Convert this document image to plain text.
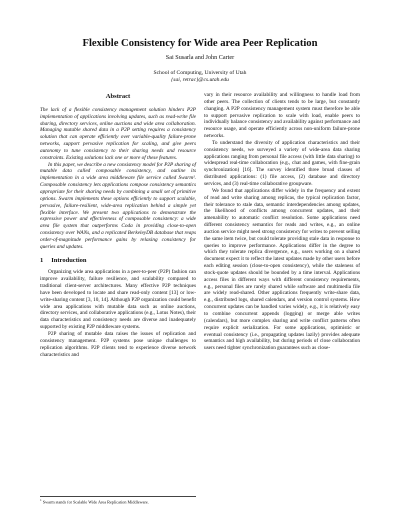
Flexible Consistency for Wide area Peer Replication
Sai Susarla and John Carter
School of Computing, University of Utah
{sai, retrac}@cs.utah.edu
Abstract

The lack of a flexible consistency management solution hinders P2P implementation of applications involving updates, such as read-write file sharing, directory services, online auctions and wide area collaboration. Managing mutable shared data in a P2P setting requires a consistency solution that can operate efficiently over variable-quality failure-prone networks, support pervasive replication for scaling, and give peers autonomy to tune consistency to their sharing needs and resource constraints. Existing solutions lack one or more of these features.

In this paper, we describe a new consistency model for P2P sharing of mutable data called composable consistency, and outline its implementation in a wide area middleware file service called Swarm¹. Composable consistency lets applications compose consistency semantics appropriate for their sharing needs by combining a small set of primitive options. Swarm implements these options efficiently to support scalable, pervasive, failure-resilient, wide-area replication behind a simple yet flexible interface. We present two applications to demonstrate the expressive power and effectiveness of composable consistency: a wide area file system that outperforms Coda in providing close-to-open consistency over WANs, and a replicated BerkeleyDB database that reaps order-of-magnitude performance gains by relaxing consistency for queries and updates.

1 Introduction

Organizing wide area applications in a peer-to-peer (P2P) fashion can improve availability, failure resilience, and scalability compared to traditional client-server architectures. Many effective P2P techniques have been developed to locate and share read-only content [13] or low-write-sharing content [3, 10, 14]. Although P2P organization could benefit wide area applications with mutable data such as online auctions, directory services, and collaborative applications (e.g., Lotus Notes), their data characteristics and consistency needs are diverse and inadequately supported by existing P2P middleware systems.

P2P sharing of mutable data raises the issues of replication and consistency management. P2P systems pose unique challenges to replication algorithms. P2P clients tend to experience diverse network characteristics and

vary in their resource availability and willingness to handle load from other peers. The collection of clients tends to be large, but constantly changing. A P2P consistency management system must therefore be able to support pervasive replication to scale with load, enable peers to individually balance consistency and availability against performance and resource usage, and operate efficiently across non-uniform failure-prone networks.

To understand the diversity of application characteristics and their consistency needs, we surveyed a variety of wide-area data sharing applications ranging from personal file access (with little data sharing) to widespread real-time collaboration (e.g., chat and games, with fine-grain synchronization) [16]. The survey identified three broad classes of distributed applications: (1) file access, (2) database and directory services, and (3) real-time collaborative groupware.

We found that applications differ widely in the frequency and extent of read and write sharing among replicas, the typical replication factor, their tolerance to stale data, semantic interdependencies among updates, the likelihood of conflicts among concurrent updates, and their amenability to automatic conflict resolution. Some applications need different consistency semantics for reads and writes, e.g., an online auction service might need strong consistency for writes to prevent selling the same item twice, but could tolerate providing stale data in response to queries to improve performance. Applications differ in the degree to which they tolerate replica divergence, e.g., users working on a shared document expect it to reflect the latest updates made by other users before each editing session (close-to-open consistency), while the staleness of stock-quote updates should be bounded by a time interval. Applications access files in different ways with different consistency requirements, e.g., personal files are rarely shared while software and multimedia file are widely read-shared. Other applications frequently write-share data, e.g., distributed logs, shared calendars, and version control systems. How concurrent updates can be handled varies widely, e.g., it is relatively easy to combine concurrent appends (logging) or merge able writes (calendars), but more complex sharing and write conflict patterns often require explicit serialization. For some applications, optimistic or eventual consistency (i.e., propagating updates lazily) provides adequate semantics and high availability, but during periods of close collaboration users need tighter synchronization guarantees such as close-

$^1$ Swarm stands for Scalable Wide Area Replication Middleware.
